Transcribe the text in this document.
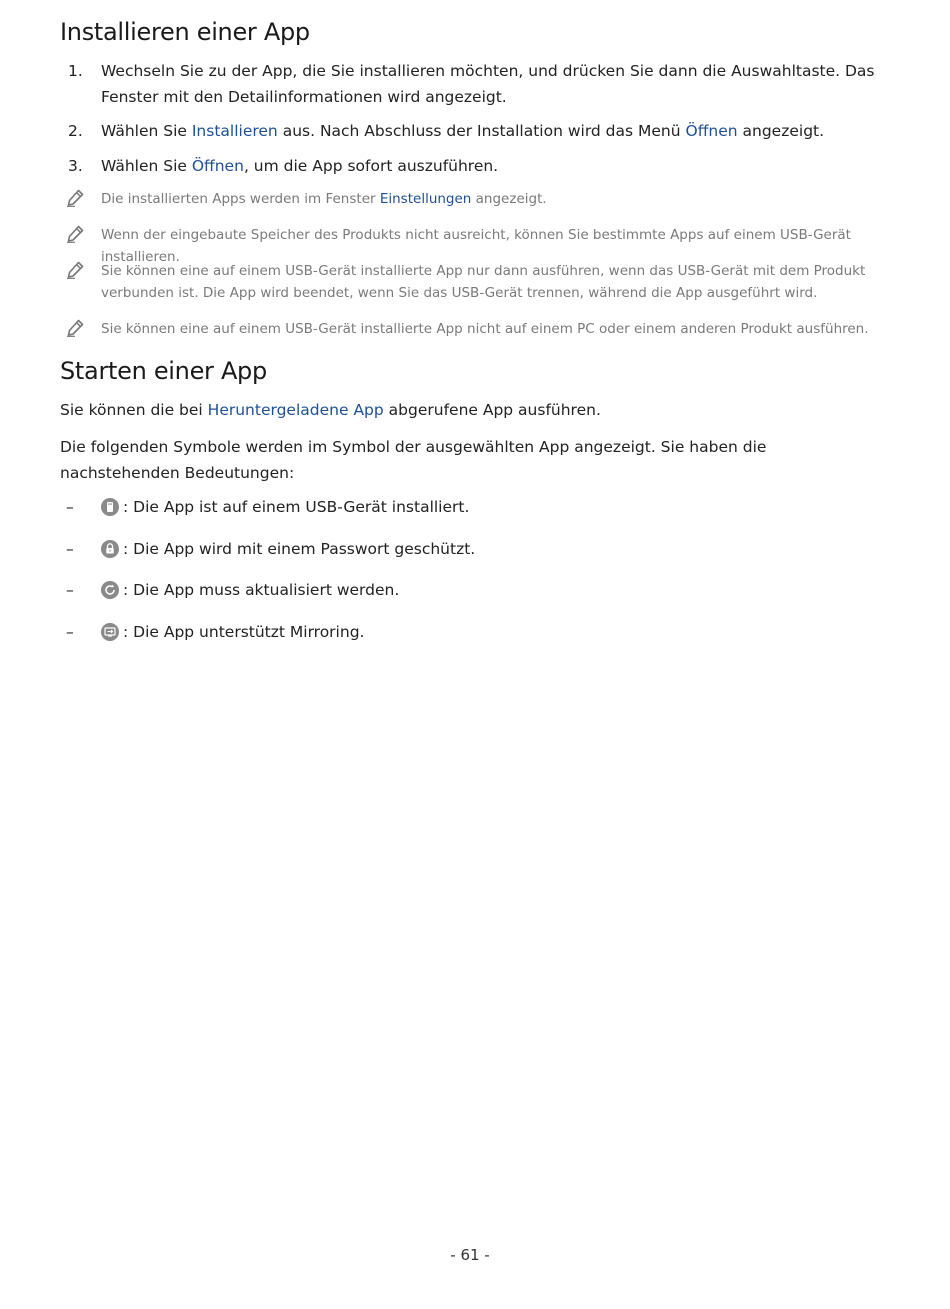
Installieren einer App
1. Wechseln Sie zu der App, die Sie installieren möchten, und drücken Sie dann die Auswahltaste. Das Fenster mit den Detailinformationen wird angezeigt.
2. Wählen Sie Installieren aus. Nach Abschluss der Installation wird das Menü Öffnen angezeigt.
3. Wählen Sie Öffnen, um die App sofort auszuführen.
Die installierten Apps werden im Fenster Einstellungen angezeigt.
Wenn der eingebaute Speicher des Produkts nicht ausreicht, können Sie bestimmte Apps auf einem USB-Gerät installieren.
Sie können eine auf einem USB-Gerät installierte App nur dann ausführen, wenn das USB-Gerät mit dem Produkt verbunden ist. Die App wird beendet, wenn Sie das USB-Gerät trennen, während die App ausgeführt wird.
Sie können eine auf einem USB-Gerät installierte App nicht auf einem PC oder einem anderen Produkt ausführen.
Starten einer App
Sie können die bei Heruntergeladene App abgerufene App ausführen.
Die folgenden Symbole werden im Symbol der ausgewählten App angezeigt. Sie haben die nachstehenden Bedeutungen:
–	: Die App ist auf einem USB-Gerät installiert.
–	: Die App wird mit einem Passwort geschützt.
–	: Die App muss aktualisiert werden.
–	: Die App unterstützt Mirroring.
- 61 -
